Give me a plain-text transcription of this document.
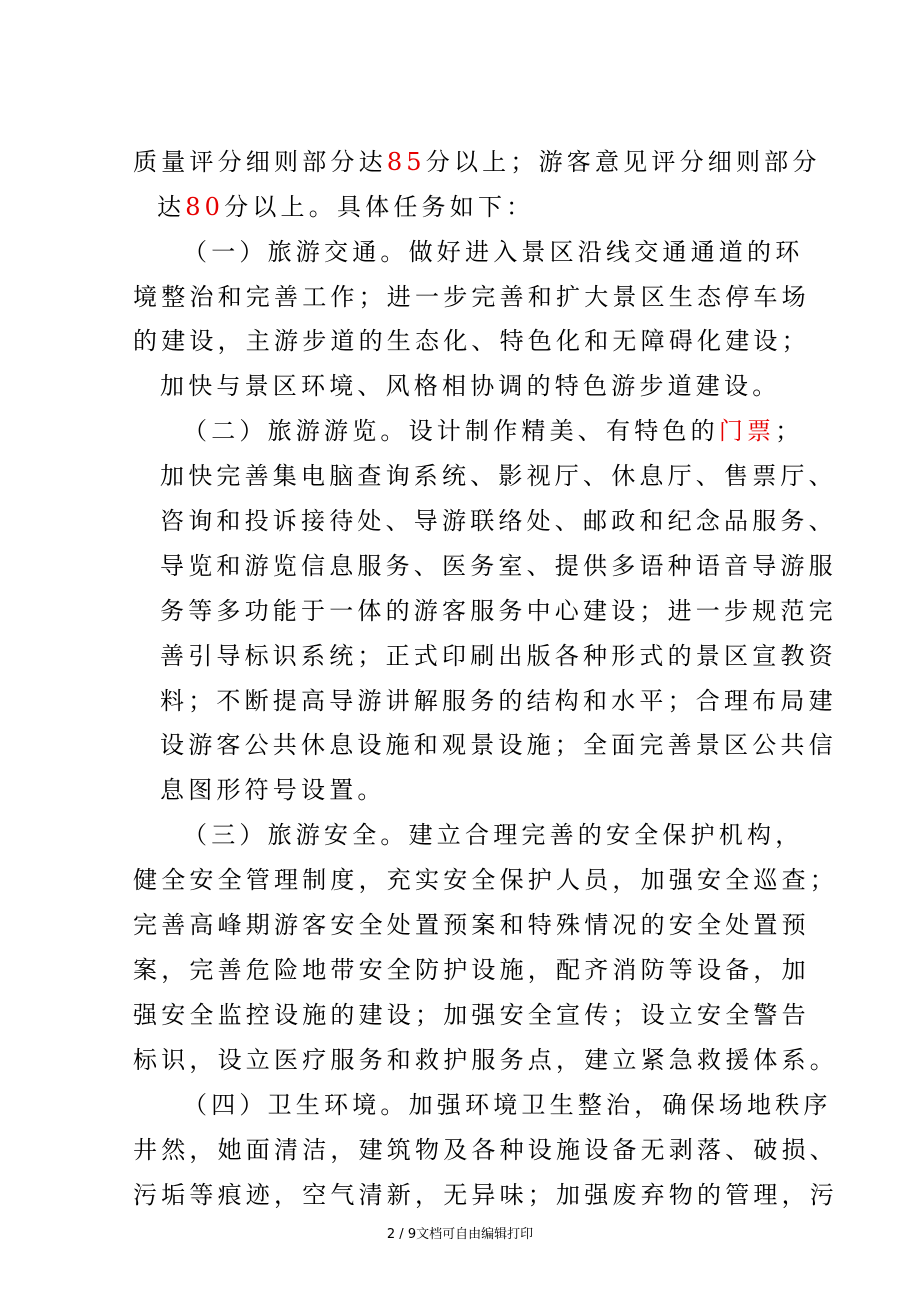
质量评分细则部分达85分以上；游客意见评分细则部分
达80分以上。具体任务如下：
（一）旅游交通。做好进入景区沿线交通通道的环
境整治和完善工作；进一步完善和扩大景区生态停车场
的建设，主游步道的生态化、特色化和无障碍化建设；
加快与景区环境、风格相协调的特色游步道建设。
（二）旅游游览。设计制作精美、有特色的门票；
加快完善集电脑查询系统、影视厅、休息厅、售票厅、
咨询和投诉接待处、导游联络处、邮政和纪念品服务、
导览和游览信息服务、医务室、提供多语种语音导游服
务等多功能于一体的游客服务中心建设；进一步规范完
善引导标识系统；正式印刷出版各种形式的景区宣教资
料；不断提高导游讲解服务的结构和水平；合理布局建
设游客公共休息设施和观景设施；全面完善景区公共信
息图形符号设置。
（三）旅游安全。建立合理完善的安全保护机构，
健全安全管理制度，充实安全保护人员，加强安全巡查；
完善高峰期游客安全处置预案和特殊情况的安全处置预
案，完善危险地带安全防护设施，配齐消防等设备，加
强安全监控设施的建设；加强安全宣传；设立安全警告
标识，设立医疗服务和救护服务点，建立紧急救援体系。
（四）卫生环境。加强环境卫生整治，确保场地秩序
井然，她面清洁，建筑物及各种设施设备无剥落、破损、
污垢等痕迹，空气清新，无异味；加强废弃物的管理，污
2 / 9文档可自由编辑打印
